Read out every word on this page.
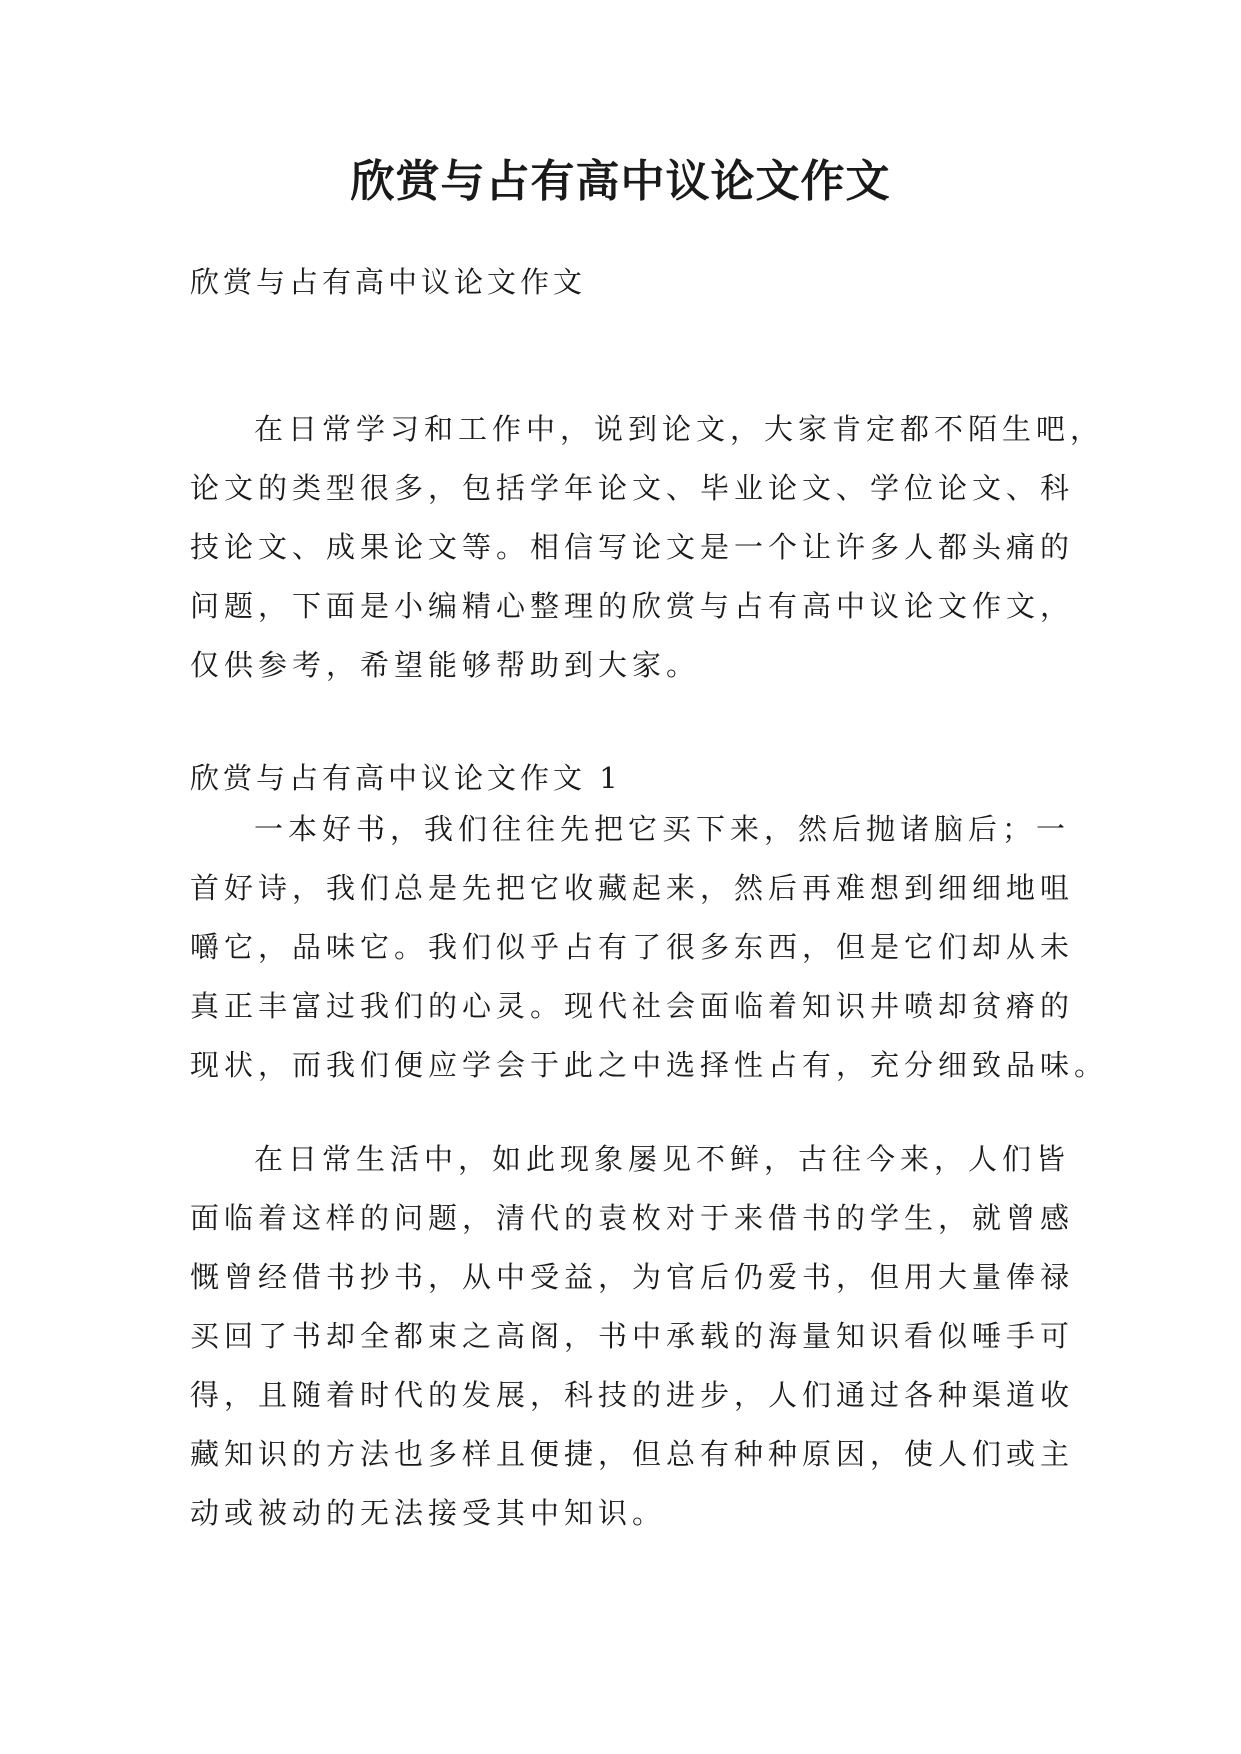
欣赏与占有高中议论文作文

欣赏与占有高中议论文作文

在日常学习和工作中，说到论文，大家肯定都不陌生吧，
论文的类型很多，包括学年论文、毕业论文、学位论文、科
技论文、成果论文等。相信写论文是一个让许多人都头痛的
问题，下面是小编精心整理的欣赏与占有高中议论文作文，
仅供参考，希望能够帮助到大家。

欣赏与占有高中议论文作文 1

一本好书，我们往往先把它买下来，然后抛诸脑后；一
首好诗，我们总是先把它收藏起来，然后再难想到细细地咀
嚼它，品味它。我们似乎占有了很多东西，但是它们却从未
真正丰富过我们的心灵。现代社会面临着知识井喷却贫瘠的
现状，而我们便应学会于此之中选择性占有，充分细致品味。
在日常生活中，如此现象屡见不鲜，古往今来，人们皆
面临着这样的问题，清代的袁枚对于来借书的学生，就曾感
慨曾经借书抄书，从中受益，为官后仍爱书，但用大量俸禄
买回了书却全都束之高阁，书中承载的海量知识看似唾手可
得，且随着时代的发展，科技的进步，人们通过各种渠道收
藏知识的方法也多样且便捷，但总有种种原因，使人们或主
动或被动的无法接受其中知识。
